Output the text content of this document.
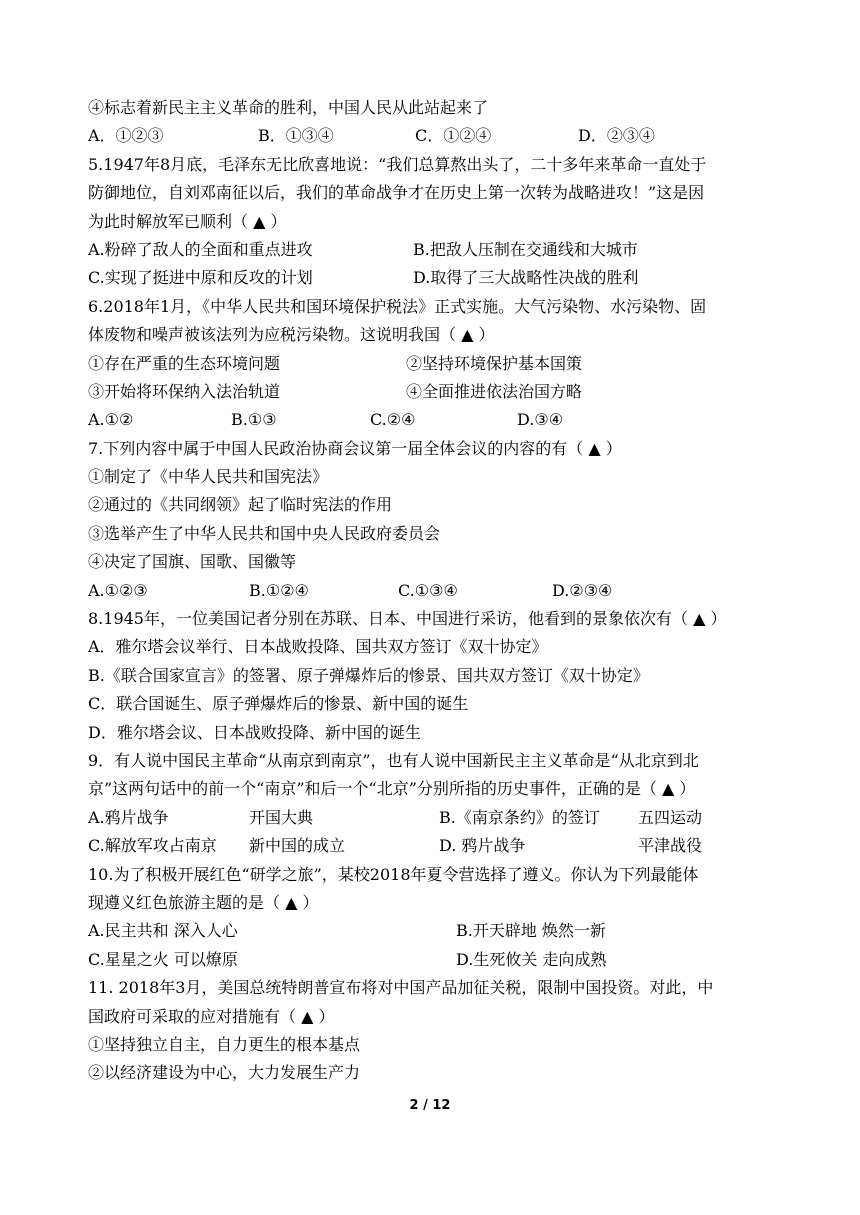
④标志着新民主主义革命的胜利，中国人民从此站起来了
A．①②③	B．①③④	C．①②④	D．②③④
5.1947年8月底，毛泽东无比欣喜地说：“我们总算熬出头了，二十多年来革命一直处于
防御地位，自刘邓南征以后，我们的革命战争才在历史上第一次转为战略进攻！”这是因
为此时解放军已顺利（ ▲ ）
A.粉碎了敌人的全面和重点进攻	B.把敌人压制在交通线和大城市
C.实现了挺进中原和反攻的计划	D.取得了三大战略性决战的胜利
6.2018年1月，《中华人民共和国环境保护税法》正式实施。大气污染物、水污染物、固
体废物和噪声被该法列为应税污染物。这说明我国（ ▲ ）
①存在严重的生态环境问题	②坚持环境保护基本国策
③开始将环保纳入法治轨道	④全面推进依法治国方略
A.①②	B.①③	C.②④	D.③④
7.下列内容中属于中国人民政治协商会议第一届全体会议的内容的有（ ▲ ）
①制定了《中华人民共和国宪法》
②通过的《共同纲领》起了临时宪法的作用
③选举产生了中华人民共和国中央人民政府委员会
④决定了国旗、国歌、国徽等
A.①②③	B.①②④	C.①③④	D.②③④
8.1945年，一位美国记者分别在苏联、日本、中国进行采访，他看到的景象依次有（ ▲ ）
A．雅尔塔会议举行、日本战败投降、国共双方签订《双十协定》
B.《联合国家宣言》的签署、原子弹爆炸后的惨景、国共双方签订《双十协定》
C．联合国诞生、原子弹爆炸后的惨景、新中国的诞生
D．雅尔塔会议、日本战败投降、新中国的诞生
9．有人说中国民主革命“从南京到南京”，也有人说中国新民主主义革命是“从北京到北
京”这两句话中的前一个“南京”和后一个“北京”分别所指的历史事件，正确的是（ ▲ ）
A.鸦片战争	开国大典	B.《南京条约》的签订 五四运动
C.解放军攻占南京 新中国的成立	D. 鸦片战争	平津战役
10.为了积极开展红色“研学之旅”，某校2018年夏令营选择了遵义。你认为下列最能体
现遵义红色旅游主题的是（ ▲ ）
A.民主共和 深入人心	B.开天辟地 焕然一新
C.星星之火 可以燎原	D.生死攸关 走向成熟
11. 2018年3月，美国总统特朗普宣布将对中国产品加征关税，限制中国投资。对此，中
国政府可采取的应对措施有（ ▲ ）
①坚持独立自主，自力更生的根本基点
②以经济建设为中心，大力发展生产力
2 / 12
